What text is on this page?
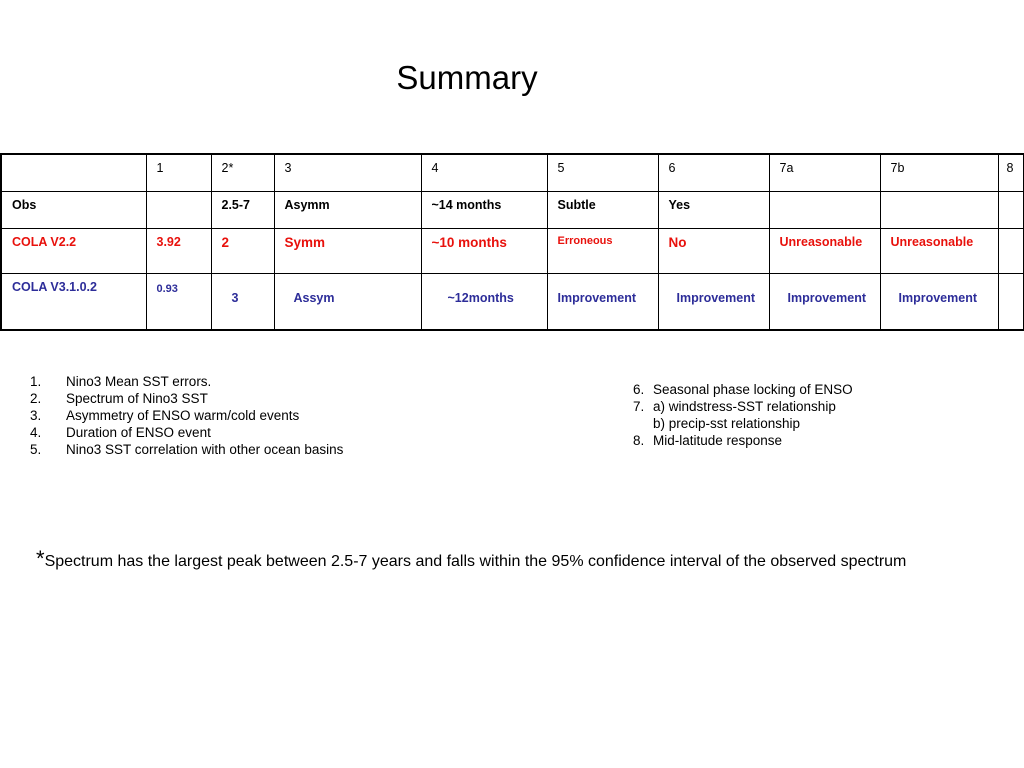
Summary
	1	2*	3	4	5	6	7a	7b	8
Obs		2.5-7	Asymm	~14 months	Subtle	Yes			
COLA V2.2	3.92	2	Symm	~10 months	Erroneous	No	Unreasonable	Unreasonable	
COLA V3.1.0.2	0.93	3	Assym	~12months	Improvement	Improvement	Improvement	Improvement	
1.	Nino3 Mean SST errors.
2.	Spectrum of Nino3 SST
3.	Asymmetry of ENSO warm/cold events
4.	Duration of ENSO event
5.	Nino3 SST correlation with other ocean basins
6. Seasonal phase locking of ENSO
7. a) windstress-SST relationship
b) precip-sst relationship
8. Mid-latitude response
*Spectrum has the largest peak between 2.5-7 years and falls within the 95% confidence interval of the observed spectrum
